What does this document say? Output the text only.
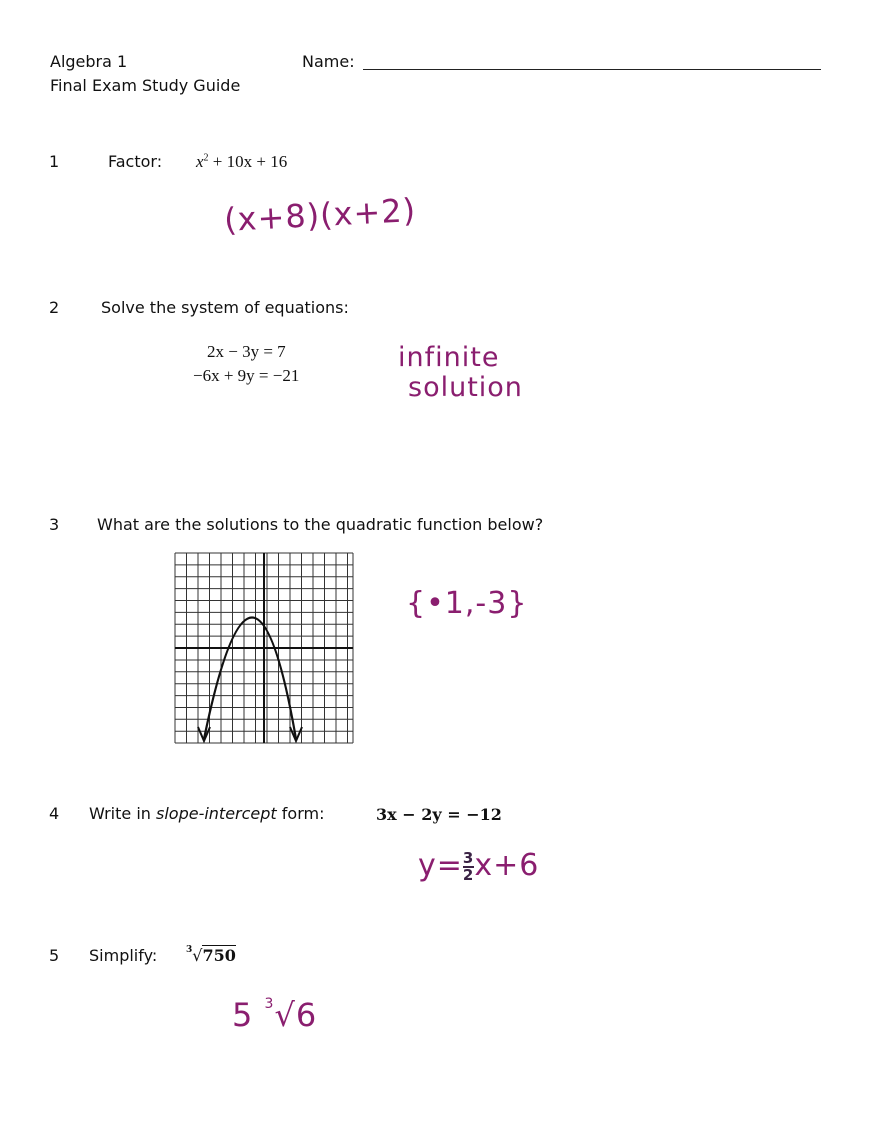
Algebra 1
Final Exam Study Guide
Name:
1	Factor: $x^2 + 10x + 16$
(x+8)(x+2)
2	Solve the system of equations:
2x − 3y = 7
−6x + 9y = −21
infinite
solution
3 What are the solutions to the quadratic function below?
{•1,-3}
4 Write in slope-intercept form:	3x − 2y = −12
$y= \frac{3}{2} x+6$
5 Simplify:	$^3$√750
5 $^3$√6
